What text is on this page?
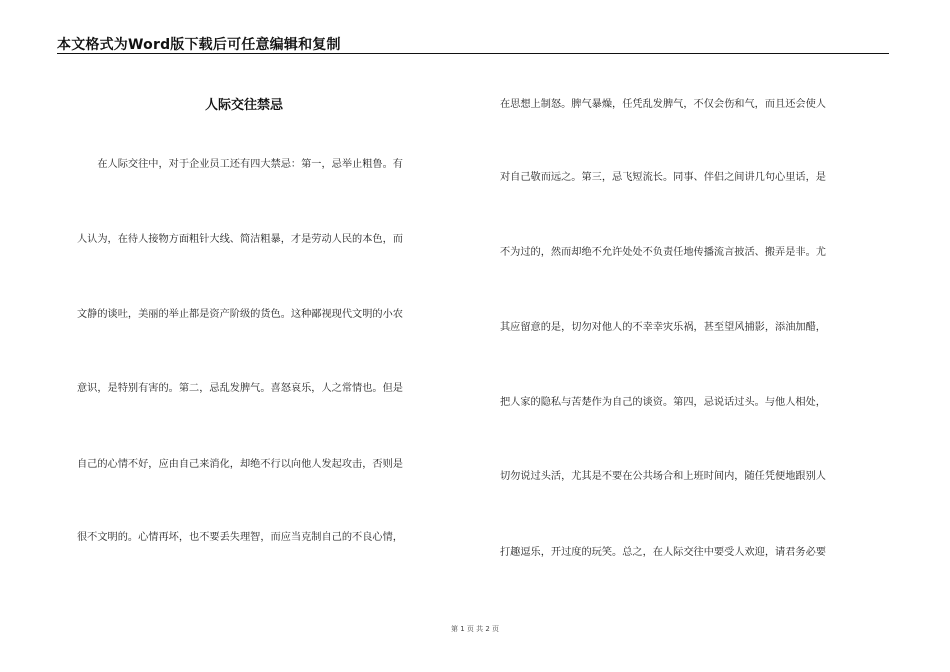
本文格式为Word版下载后可任意编辑和复制
人际交往禁忌
　　在人际交往中，对于企业员工还有四大禁忌：第一，忌举止粗鲁。有
人认为，在待人接物方面粗针大线、简洁粗暴，才是劳动人民的本色，而
文静的谈吐，美丽的举止都是资产阶级的货色。这种鄙视现代文明的小农
意识，是特别有害的。第二，忌乱发脾气。喜怒哀乐，人之常情也。但是
自己的心情不好，应由自己来消化，却绝不行以向他人发起攻击，否则是
很不文明的。心情再坏，也不要丢失理智，而应当克制自己的不良心情，
在思想上制怒。脾气暴燥，任凭乱发脾气，不仅会伤和气，而且还会使人
对自己敬而远之。第三，忌飞短流长。同事、伴侣之间讲几句心里话，是
不为过的，然而却绝不允许处处不负责任地传播流言披活、搬弄是非。尤
其应留意的是，切勿对他人的不幸幸灾乐祸，甚至望风捕影，添油加醋，
把人家的隐私与苦楚作为自己的谈资。第四，忌说话过头。与他人相处，
切勿说过头活，尤其是不要在公共场合和上班时间内，随任凭便地跟别人
打趣逗乐，开过度的玩笑。总之，在人际交往中要受人欢迎，请君务必要
第 1 页 共 2 页
